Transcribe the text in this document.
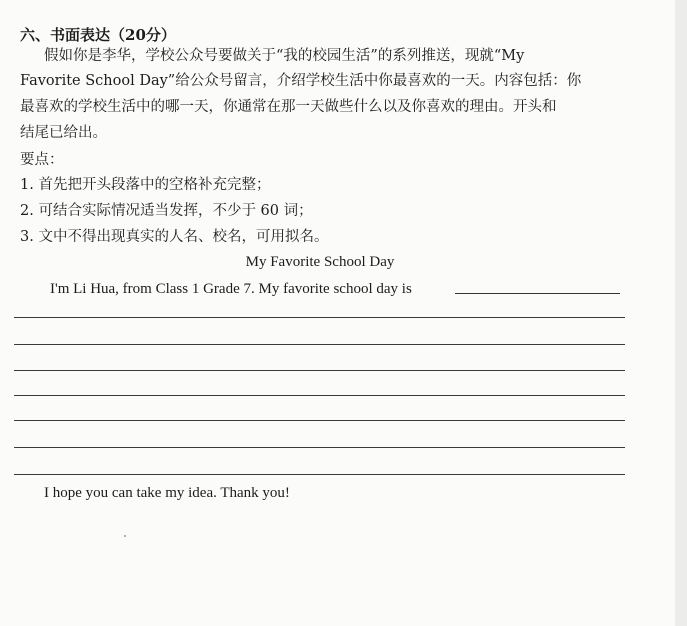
六、书面表达（20分）
假如你是李华，学校公众号要做关于“我的校园生活”的系列推送，现就“My
Favorite School Day”给公众号留言，介绍学校生活中你最喜欢的一天。内容包括：你
最喜欢的学校生活中的哪一天，你通常在那一天做些什么以及你喜欢的理由。开头和
结尾已给出。
要点：
1. 首先把开头段落中的空格补充完整；
2. 可结合实际情况适当发挥，不少于 60 词；
3. 文中不得出现真实的人名、校名，可用拟名。
My Favorite School Day
I'm Li Hua, from Class 1 Grade 7. My favorite school day is
I hope you can take my idea. Thank you!
